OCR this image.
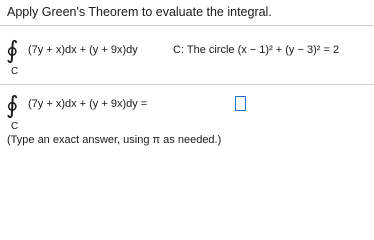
Apply Green's Theorem to evaluate the integral.
∮
C
(7y + x)dx + (y + 9x)dy	C: The circle (x − 1)² + (y − 3)² = 2
∮
C
(7y + x)dx + (y + 9x)dy =
(Type an exact answer, using π as needed.)
